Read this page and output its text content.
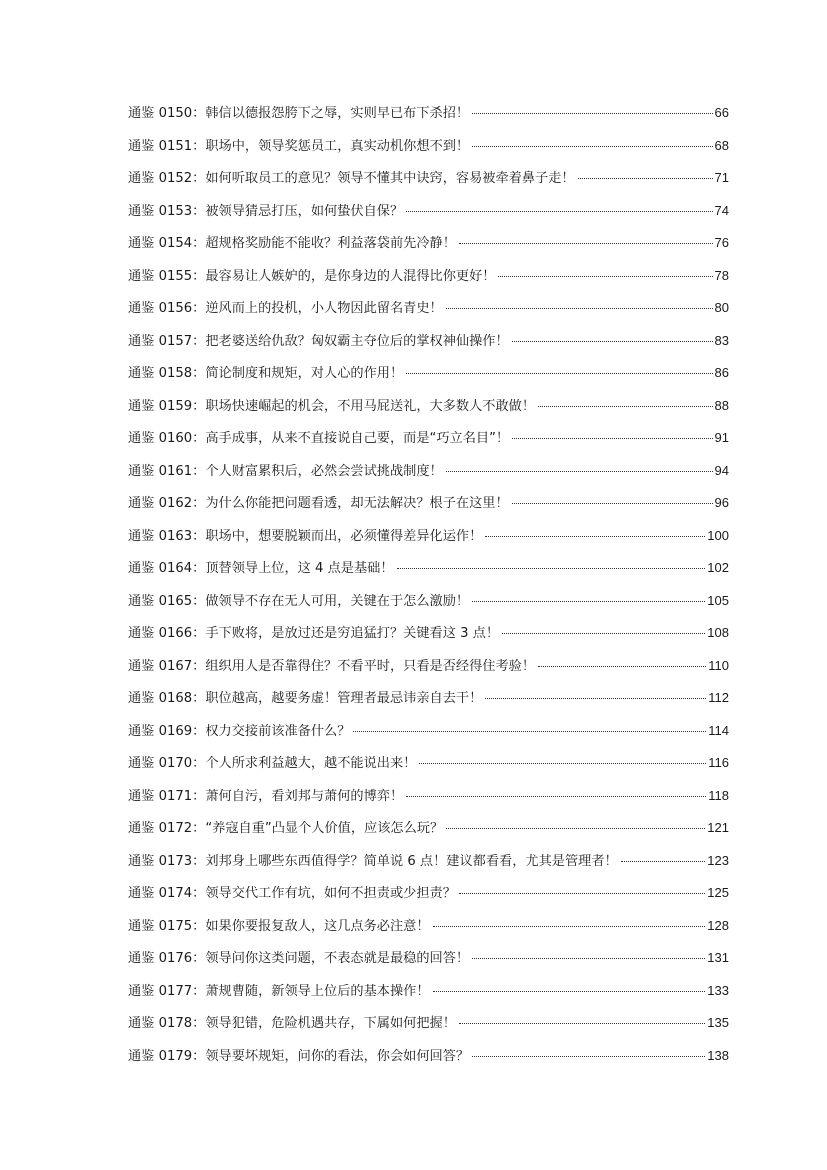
通鉴 0150： 韩信以德报怨胯下之辱，实则早已布下杀招！	66
通鉴 0151： 职场中，领导奖惩员工，真实动机你想不到！	68
通鉴 0152： 如何听取员工的意见？领导不懂其中诀窍，容易被牵着鼻子走！	71
通鉴 0153： 被领导猜忌打压，如何蛰伏自保？	74
通鉴 0154： 超规格奖励能不能收？利益落袋前先冷静！	76
通鉴 0155： 最容易让人嫉妒的，是你身边的人混得比你更好！	78
通鉴 0156： 逆风而上的投机，小人物因此留名青史！	80
通鉴 0157： 把老婆送给仇敌？匈奴霸主夺位后的掌权神仙操作！	83
通鉴 0158： 简论制度和规矩，对人心的作用！	86
通鉴 0159： 职场快速崛起的机会，不用马屁送礼，大多数人不敢做！	88
通鉴 0160： 高手成事，从来不直接说自己要，而是“巧立名目”！	91
通鉴 0161： 个人财富累积后，必然会尝试挑战制度！	94
通鉴 0162： 为什么你能把问题看透，却无法解决？根子在这里！	96
通鉴 0163： 职场中，想要脱颖而出，必须懂得差异化运作！	100
通鉴 0164： 顶替领导上位，这 4 点是基础！	102
通鉴 0165： 做领导不存在无人可用，关键在于怎么激励！	105
通鉴 0166： 手下败将，是放过还是穷追猛打？关键看这 3 点！	108
通鉴 0167： 组织用人是否靠得住？不看平时，只看是否经得住考验！	110
通鉴 0168： 职位越高，越要务虚！管理者最忌讳亲自去干！	112
通鉴 0169： 权力交接前该准备什么？	114
通鉴 0170： 个人所求利益越大，越不能说出来！	116
通鉴 0171： 萧何自污，看刘邦与萧何的博弈！	118
通鉴 0172： “养寇自重”凸显个人价值，应该怎么玩？	121
通鉴 0173： 刘邦身上哪些东西值得学？简单说 6 点！建议都看看，尤其是管理者！	123
通鉴 0174： 领导交代工作有坑，如何不担责或少担责？	125
通鉴 0175： 如果你要报复敌人，这几点务必注意！	128
通鉴 0176： 领导问你这类问题，不表态就是最稳的回答！	131
通鉴 0177： 萧规曹随，新领导上位后的基本操作！	133
通鉴 0178： 领导犯错，危险机遇共存，下属如何把握！	135
通鉴 0179： 领导要坏规矩，问你的看法，你会如何回答？	138
